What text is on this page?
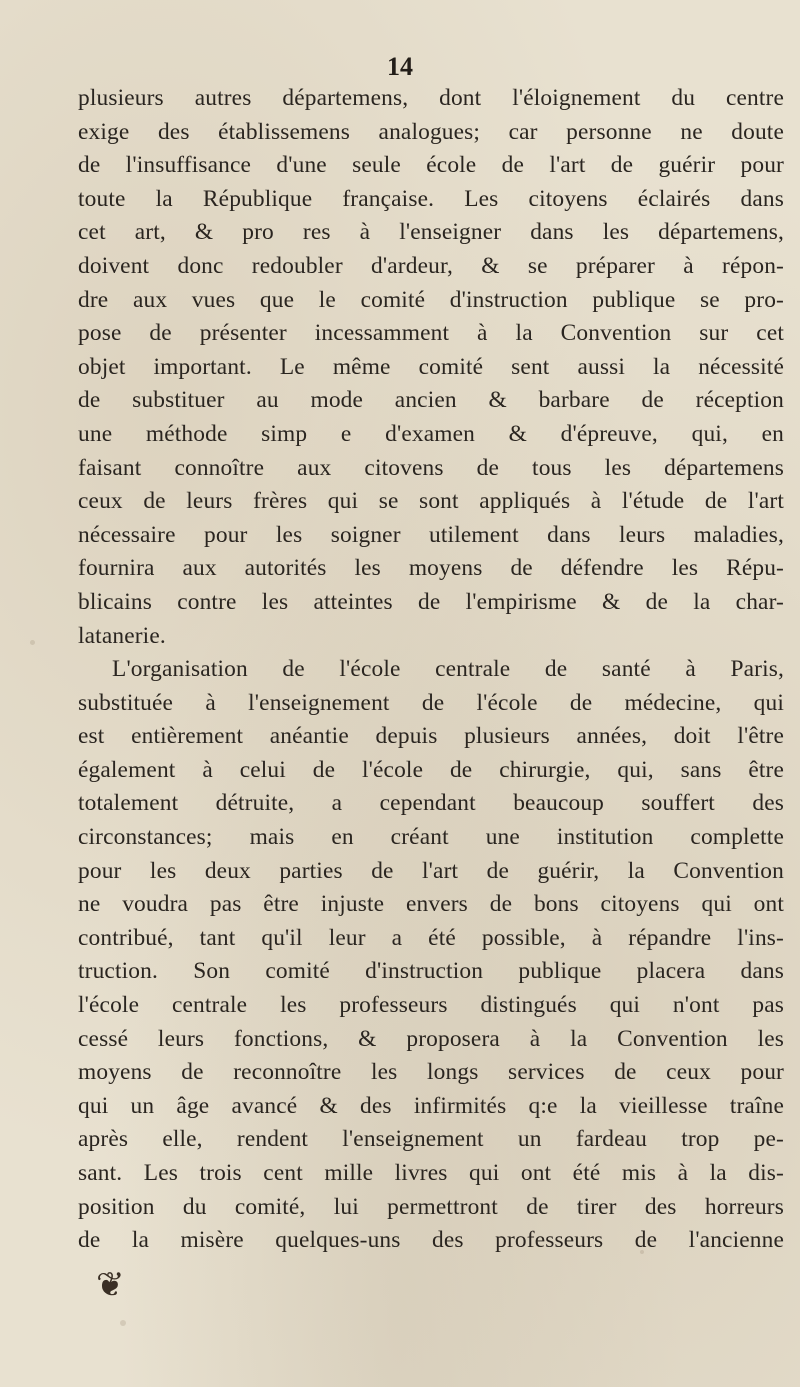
14
plusieurs autres départemens, dont l'éloignement du centre
exige des établissemens analogues; car personne ne doute
de l'insuffisance d'une seule école de l'art de guérir pour
toute la République française. Les citoyens éclairés dans
cet art, & pro res à l'enseigner dans les départemens,
doivent donc redoubler d'ardeur, & se préparer à répon-
dre aux vues que le comité d'instruction publique se pro-
pose de présenter incessamment à la Convention sur cet
objet important. Le même comité sent aussi la nécessité
de substituer au mode ancien & barbare de réception
une méthode simp e d'examen & d'épreuve, qui, en
faisant connoître aux citovens de tous les départemens
ceux de leurs frères qui se sont appliqués à l'étude de l'art
nécessaire pour les soigner utilement dans leurs maladies,
fournira aux autorités les moyens de défendre les Répu-
blicains contre les atteintes de l'empirisme & de la char-
latanerie.
L'organisation de l'école centrale de santé à Paris,
substituée à l'enseignement de l'école de médecine, qui
est entièrement anéantie depuis plusieurs années, doit l'être
également à celui de l'école de chirurgie, qui, sans être
totalement détruite, a cependant beaucoup souffert des
circonstances; mais en créant une institution complette
pour les deux parties de l'art de guérir, la Convention
ne voudra pas être injuste envers de bons citoyens qui ont
contribué, tant qu'il leur a été possible, à répandre l'ins-
truction. Son comité d'instruction publique placera dans
l'école centrale les professeurs distingués qui n'ont pas
cessé leurs fonctions, & proposera à la Convention les
moyens de reconnoître les longs services de ceux pour
qui un âge avancé & des infirmités q:e la vieillesse traîne
après elle, rendent l'enseignement un fardeau trop pe-
sant. Les trois cent mille livres qui ont été mis à la dis-
position du comité, lui permettront de tirer des horreurs
de la misère quelques-uns des professeurs de l'ancienne
❦
